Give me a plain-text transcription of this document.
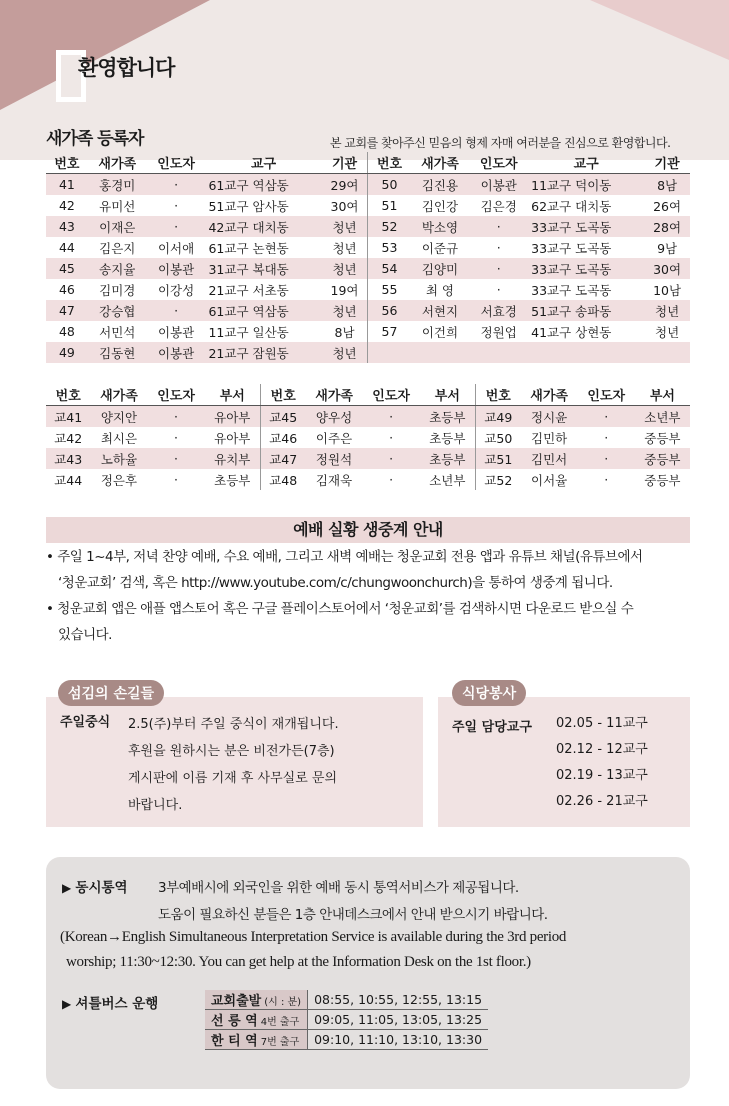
환영합니다
새가족 등록자	본 교회를 찾아주신 믿음의 형제 자매 여러분을 진심으로 환영합니다.
번호	새가족	인도자	교구	기관	번호	새가족	인도자	교구	기관
41	홍경미	·	61교구 역삼동	29여	50	김진용	이봉관	11교구 덕이동	8남
42	유미선	·	51교구 암사동	30여	51	김인강	김은경	62교구 대치동	26여
43	이재은	·	42교구 대치동	청년	52	박소영	·	33교구 도곡동	28여
44	김은지	이서애	61교구 논현동	청년	53	이준규	·	33교구 도곡동	9남
45	송지율	이봉관	31교구 복대동	청년	54	김양미	·	33교구 도곡동	30여
46	김미경	이강성	21교구 서초동	19여	55	최 영	·	33교구 도곡동	10남
47	강승협	·	61교구 역삼동	청년	56	서현지	서효경	51교구 송파동	청년
48	서민석	이봉관	11교구 일산동	8남	57	이건희	정원업	41교구 상현동	청년
49	김동현	이봉관	21교구 잠원동	청년					
번호	새가족	인도자	부서	번호	새가족	인도자	부서	번호	새가족	인도자	부서
교41	양지안	·	유아부	교45	양우성	·	초등부	교49	정시윤	·	소년부
교42	최시은	·	유아부	교46	이주은	·	초등부	교50	김민하	·	중등부
교43	노하율	·	유치부	교47	정원석	·	초등부	교51	김민서	·	중등부
교44	정은후	·	초등부	교48	김재욱	·	소년부	교52	이서율	·	중등부
예배 실황 생중계 안내
• 주일 1~4부, 저녁 찬양 예배, 수요 예배, 그리고 새벽 예배는 청운교회 전용 앱과 유튜브 채널(유튜브에서
‘청운교회’ 검색, 혹은 http://www.youtube.com/c/chungwoonchurch)을 통하여 생중계 됩니다.
• 청운교회 앱은 애플 앱스토어 혹은 구글 플레이스토어에서 ‘청운교회’를 검색하시면 다운로드 받으실 수
있습니다.
섬김의 손길들
주일중식 2.5(주)부터 주일 중식이 재개됩니다.
후원을 원하시는 분은 비전가든(7층)
게시판에 이름 기재 후 사무실로 문의
바랍니다.
식당봉사
주일 담당교구 02.05 - 11교구
02.12 - 12교구
02.19 - 13교구
02.26 - 21교구
▶ 동시통역 3부예배시에 외국인을 위한 예배 동시 통역서비스가 제공됩니다.
도움이 필요하신 분들은 1층 안내데스크에서 안내 받으시기 바랍니다.
(Korean→English Simultaneous Interpretation Service is available during the 3rd period
worship; 11:30~12:30. You can get help at the Information Desk on the 1st floor.)
▶ 셔틀버스 운행	교회출발 (시 : 분)	08:55, 10:55, 12:55, 13:15
선 릉 역 4번 출구	09:05, 11:05, 13:05, 13:25
한 티 역 7번 출구	09:10, 11:10, 13:10, 13:30
